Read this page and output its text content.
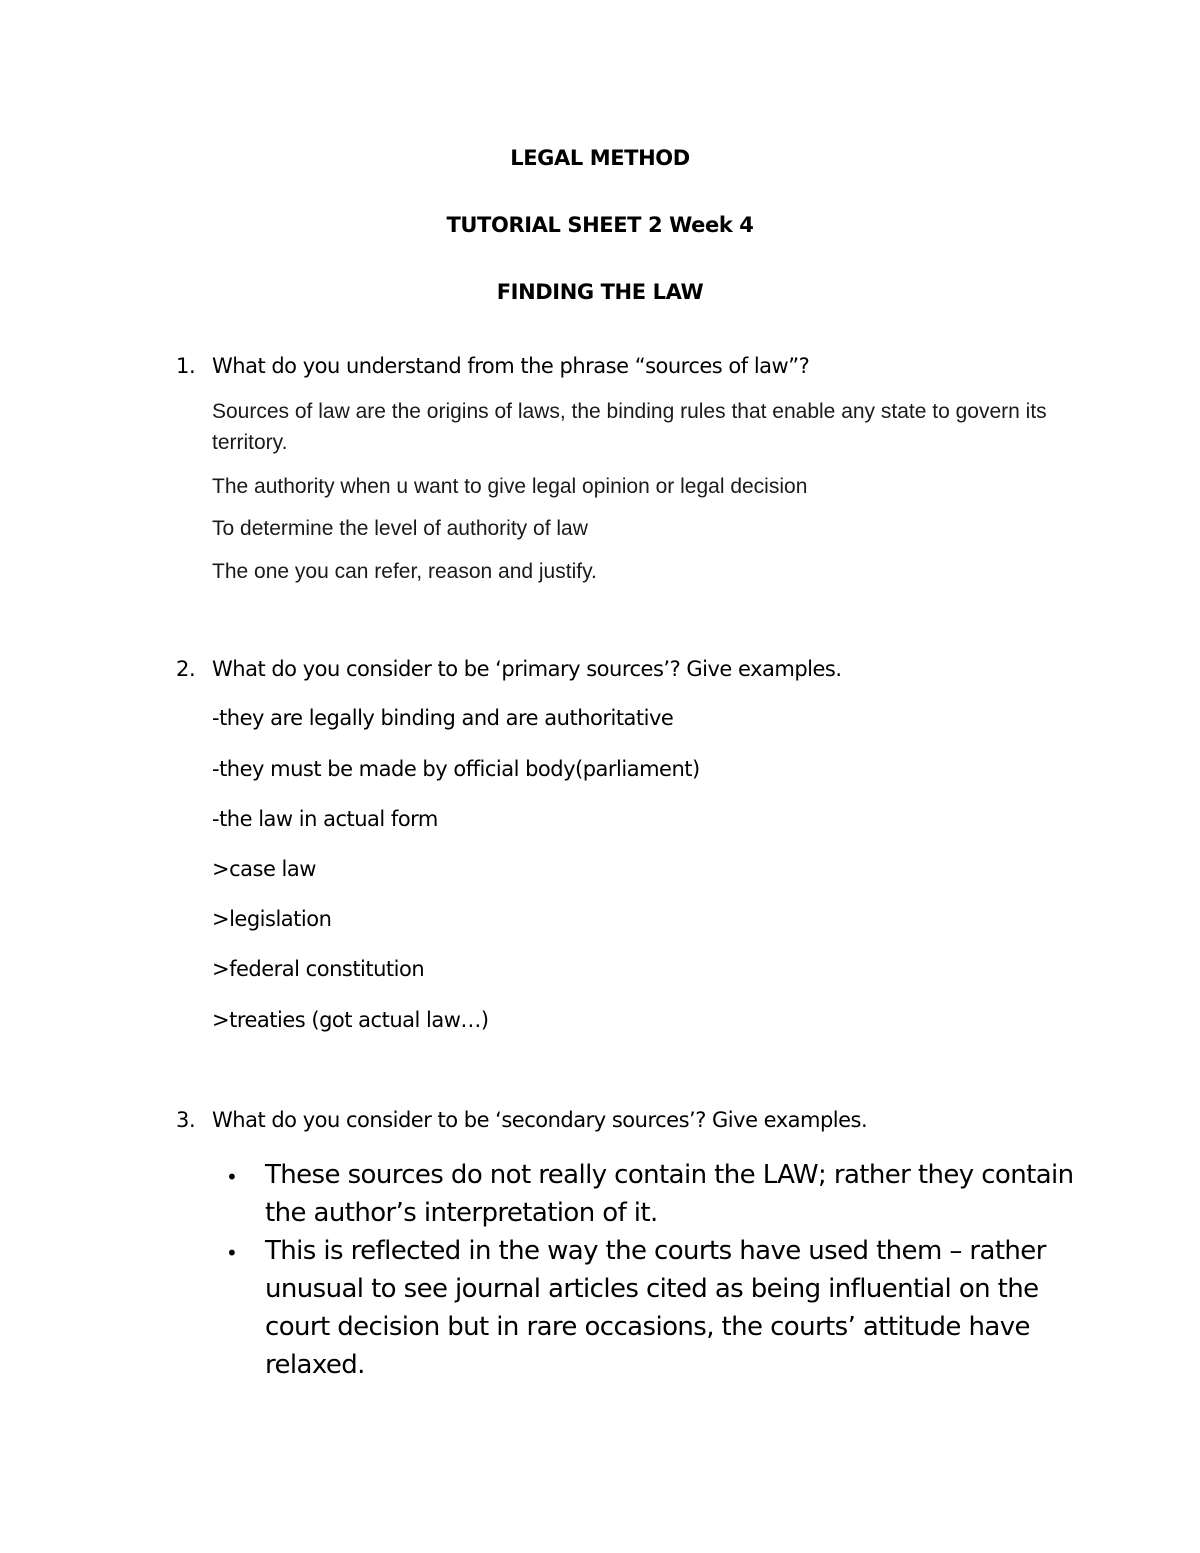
LEGAL METHOD
TUTORIAL SHEET 2 Week 4
FINDING THE LAW
1. What do you understand from the phrase “sources of law”?
Sources of law are the origins of laws, the binding rules that enable any state to govern its territory.
The authority when u want to give legal opinion or legal decision
To determine the level of authority of law
The one you can refer, reason and justify.
2. What do you consider to be ‘primary sources’? Give examples.
-they are legally binding and are authoritative
-they must be made by official body(parliament)
-the law in actual form
>case law
>legislation
>federal constitution
>treaties (got actual law…)
3. What do you consider to be ‘secondary sources’? Give examples.
• These sources do not really contain the LAW; rather they contain the author’s interpretation of it.
• This is reflected in the way the courts have used them – rather unusual to see journal articles cited as being influential on the court decision but in rare occasions, the courts’ attitude have relaxed.
